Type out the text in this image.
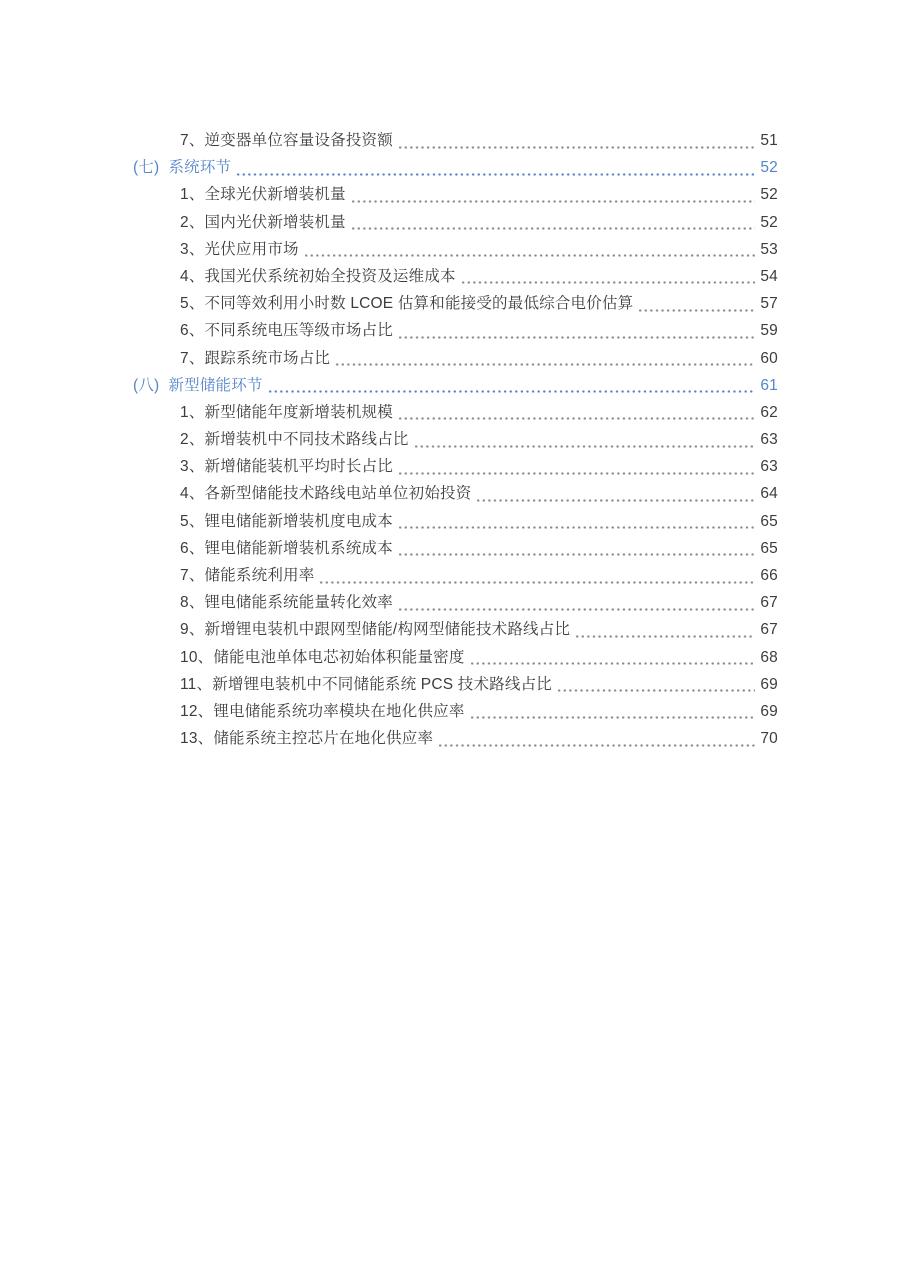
7、 逆变器单位容量设备投资额	51
(七) 系统环节	52
1、 全球光伏新增装机量	52
2、 国内光伏新增装机量	52
3、 光伏应用市场	53
4、 我国光伏系统初始全投资及运维成本	54
5、 不同等效利用小时数 LCOE 估算和能接受的最低综合电价估算	57
6、 不同系统电压等级市场占比	59
7、 跟踪系统市场占比	60
(八) 新型储能环节	61
1、 新型储能年度新增装机规模	62
2、 新增装机中不同技术路线占比	63
3、 新增储能装机平均时长占比	63
4、 各新型储能技术路线电站单位初始投资	64
5、 锂电储能新增装机度电成本	65
6、 锂电储能新增装机系统成本	65
7、 储能系统利用率	66
8、 锂电储能系统能量转化效率	67
9、 新增锂电装机中跟网型储能/构网型储能技术路线占比	67
10、 储能电池单体电芯初始体积能量密度	68
11、 新增锂电装机中不同储能系统 PCS 技术路线占比	69
12、 锂电储能系统功率模块在地化供应率	69
13、 储能系统主控芯片在地化供应率	70
